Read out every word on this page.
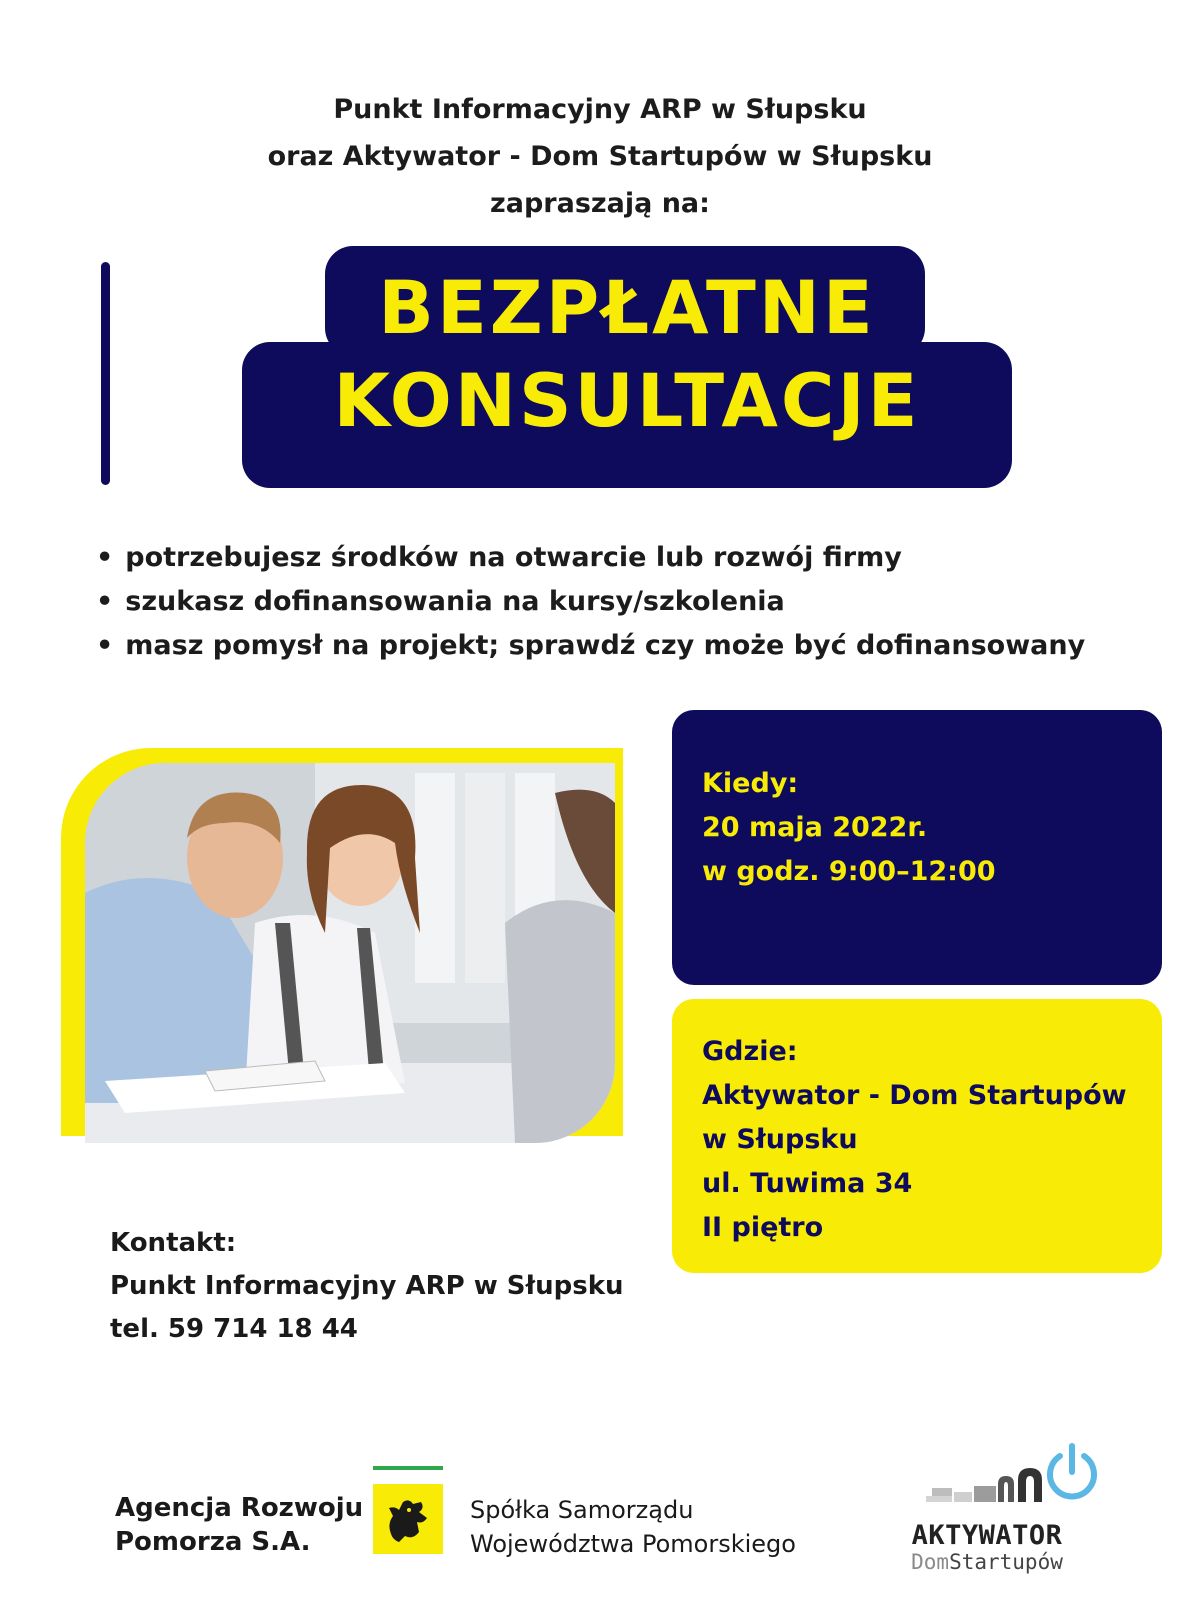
Punkt Informacyjny ARP w Słupsku
oraz Aktywator - Dom Startupów w Słupsku
zapraszają na:
BEZPŁATNE
KONSULTACJE
• potrzebujesz środków na otwarcie lub rozwój firmy
• szukasz dofinansowania na kursy/szkolenia
• masz pomysł na projekt; sprawdź czy może być dofinansowany
Kiedy:
20 maja 2022r.
w godz. 9:00–12:00
Gdzie:
Aktywator - Dom Startupów
w Słupsku
ul. Tuwima 34
II piętro
Kontakt:
Punkt Informacyjny ARP w Słupsku
tel. 59 714 18 44
Agencja Rozwoju
Pomorza S.A.
Spółka Samorządu
Województwa Pomorskiego	AKTYWATOR
DomStartupów
